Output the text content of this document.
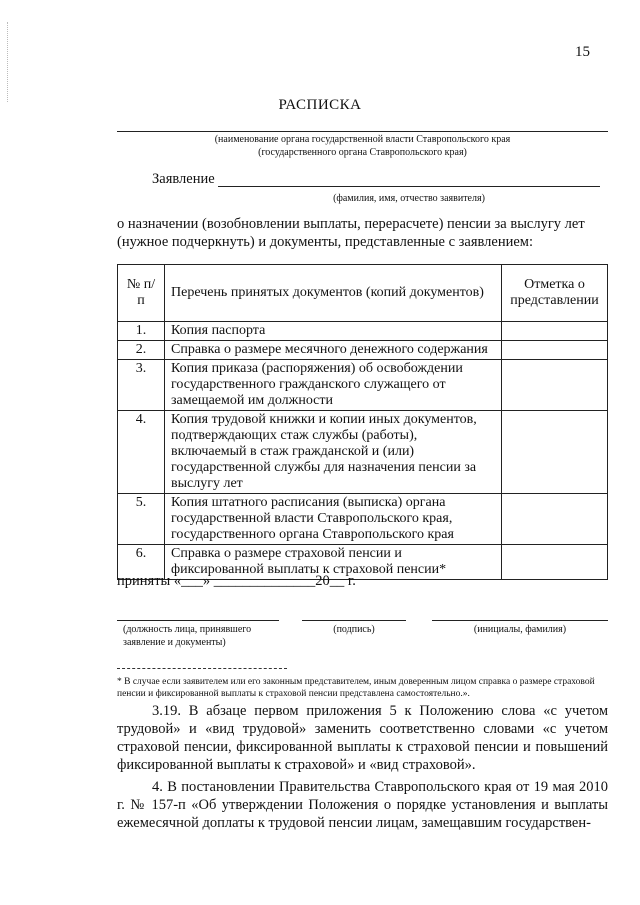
15
РАСПИСКА
(наименование органа государственной власти Ставропольского края
(государственного органа Ставропольского края)
Заявление
(фамилия, имя, отчество заявителя)
о назначении (возобновлении выплаты, перерасчете) пенсии за выслугу лет
(нужное подчеркнуть) и документы, представленные с заявлением:
№ п/п	Перечень принятых документов (копий документов)	Отметка о представлении
1.	Копия паспорта	
2.	Справка о размере месячного денежного содержания	
3.	Копия приказа (распоряжения) об освобождении государственного гражданского служащего от замещаемой им должности	
4.	Копия трудовой книжки и копии иных документов, подтверждающих стаж службы (работы), включаемый в стаж гражданской и (или) государственной службы для назначения пенсии за выслугу лет	
5.	Копия штатного расписания (выписка) органа государственной власти Ставропольского края, государственного органа Ставропольского края	
6.	Справка о размере страховой пенсии и фиксированной выплаты к страховой пенсии*	
приняты «___» ______________20__ г.
(должность лица, принявшего заявление и документы)
(подпись)	(инициалы, фамилия)
* В случае если заявителем или его законным представителем, иным доверенным лицом справка о размере страховой пенсии и фиксированной выплаты к страховой пенсии представлена самостоятельно.».
3.19. В абзаце первом приложения 5 к Положению слова «с учетом трудовой» и «вид трудовой» заменить соответственно словами «с учетом страховой пенсии, фиксированной выплаты к страховой пенсии и повышений фиксированной выплаты к страховой» и «вид страховой».
4. В постановлении Правительства Ставропольского края от 19 мая 2010 г. № 157-п «Об утверждении Положения о порядке установления и выплаты ежемесячной доплаты к трудовой пенсии лицам, замещавшим государствен-
